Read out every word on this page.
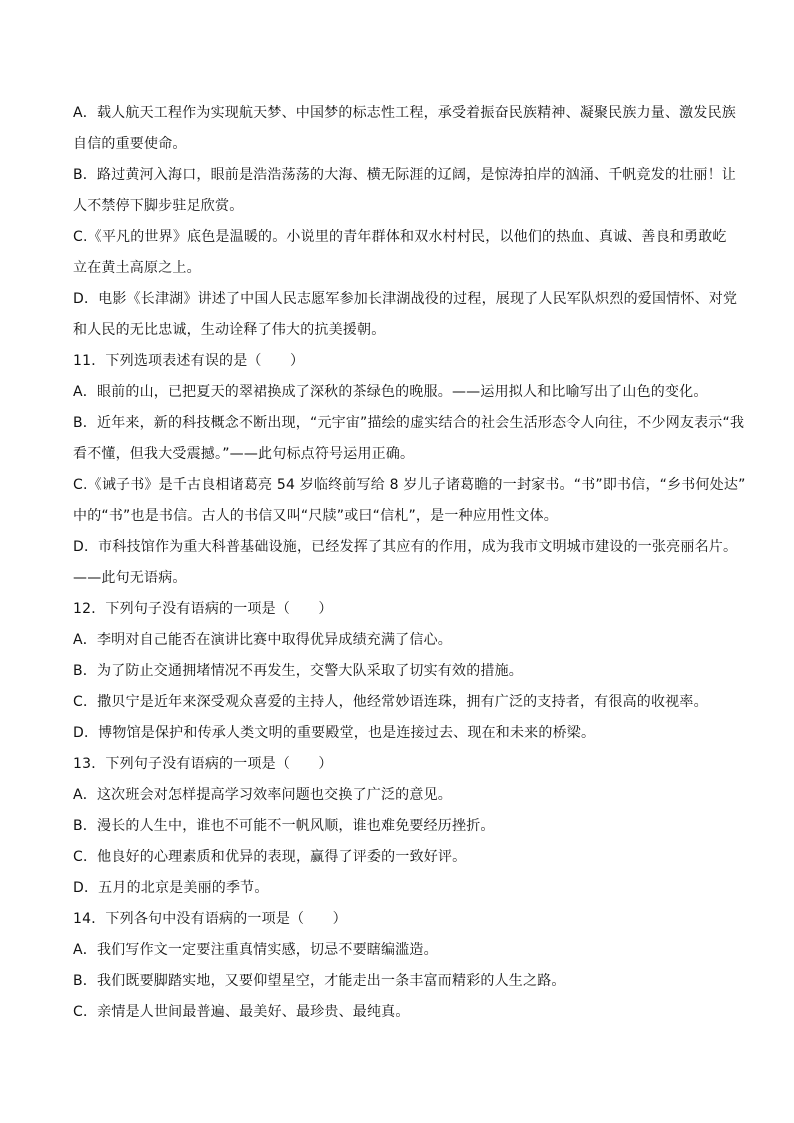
A．载人航天工程作为实现航天梦、中国梦的标志性工程，承受着振奋民族精神、凝聚民族力量、激发民族
自信的重要使命。
B．路过黄河入海口，眼前是浩浩荡荡的大海、横无际涯的辽阔，是惊涛拍岸的汹涌、千帆竞发的壮丽！让
人不禁停下脚步驻足欣赏。
C.《平凡的世界》底色是温暖的。小说里的青年群体和双水村村民，以他们的热血、真诚、善良和勇敢屹
立在黄土高原之上。
D．电影《长津湖》讲述了中国人民志愿军参加长津湖战役的过程，展现了人民军队炽烈的爱国情怀、对党
和人民的无比忠诚，生动诠释了伟大的抗美援朝。
11．下列选项表述有误的是（　　）
A．眼前的山，已把夏天的翠裙换成了深秋的茶绿色的晚服。——运用拟人和比喻写出了山色的变化。
B．近年来，新的科技概念不断出现，“元宇宙”描绘的虚实结合的社会生活形态令人向往，不少网友表示“我
看不懂，但我大受震撼。”——此句标点符号运用正确。
C.《诫子书》是千古良相诸葛亮 54 岁临终前写给 8 岁儿子诸葛瞻的一封家书。“书”即书信，“乡书何处达”
中的“书”也是书信。古人的书信又叫“尺牍”或曰“信札”，是一种应用性文体。
D．市科技馆作为重大科普基础设施，已经发挥了其应有的作用，成为我市文明城市建设的一张亮丽名片。
——此句无语病。
12．下列句子没有语病的一项是（　　）
A．李明对自己能否在演讲比赛中取得优异成绩充满了信心。
B．为了防止交通拥堵情况不再发生，交警大队采取了切实有效的措施。
C．撒贝宁是近年来深受观众喜爱的主持人，他经常妙语连珠，拥有广泛的支持者，有很高的收视率。
D．博物馆是保护和传承人类文明的重要殿堂，也是连接过去、现在和未来的桥梁。
13．下列句子没有语病的一项是（　　）
A．这次班会对怎样提高学习效率问题也交换了广泛的意见。
B．漫长的人生中，谁也不可能不一帆风顺，谁也难免要经历挫折。
C．他良好的心理素质和优异的表现，赢得了评委的一致好评。
D．五月的北京是美丽的季节。
14．下列各句中没有语病的一项是（　　）
A．我们写作文一定要注重真情实感，切忌不要瞎编滥造。
B．我们既要脚踏实地，又要仰望星空，才能走出一条丰富而精彩的人生之路。
C．亲情是人世间最普遍、最美好、最珍贵、最纯真。
